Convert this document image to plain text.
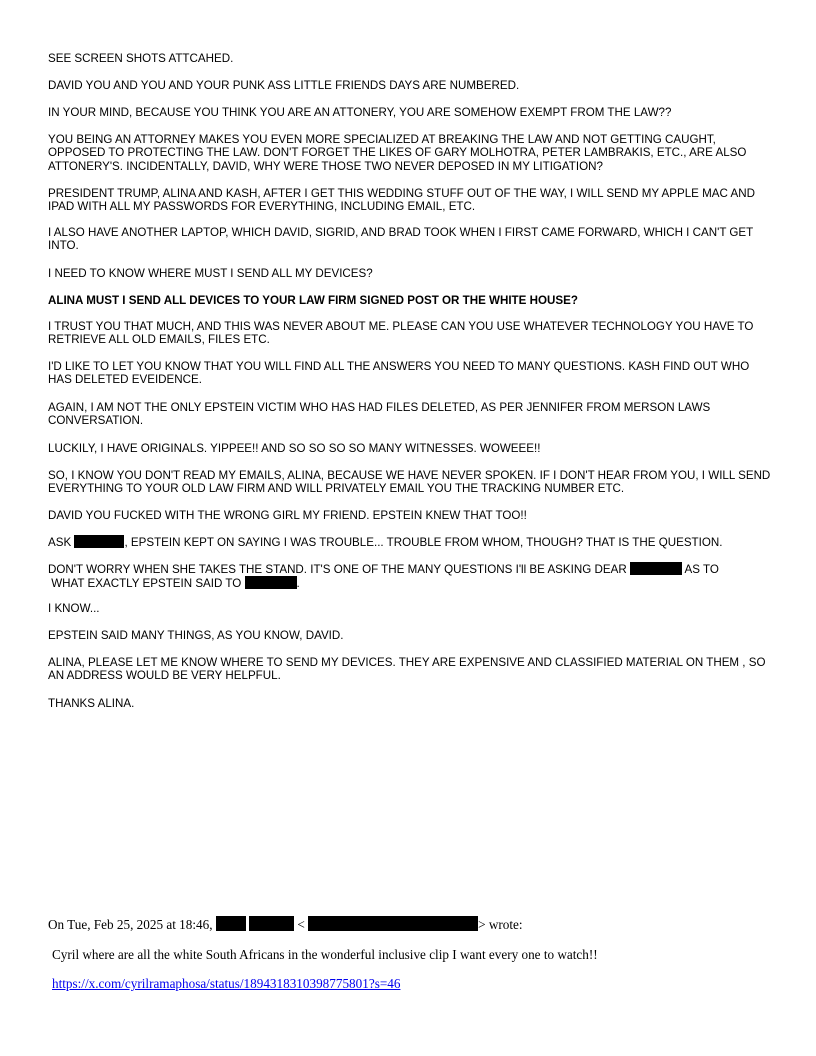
SEE SCREEN SHOTS ATTCAHED.

DAVID YOU AND YOU AND YOUR PUNK ASS LITTLE FRIENDS DAYS ARE NUMBERED.

IN YOUR MIND, BECAUSE YOU THINK YOU ARE AN ATTONERY, YOU ARE SOMEHOW EXEMPT FROM THE LAW??

YOU BEING AN ATTORNEY MAKES YOU EVEN MORE SPECIALIZED AT BREAKING THE LAW AND NOT GETTING CAUGHT, OPPOSED TO PROTECTING THE LAW. DON'T FORGET THE LIKES OF GARY MOLHOTRA, PETER LAMBRAKIS, ETC., ARE ALSO ATTONERY'S. INCIDENTALLY, DAVID, WHY WERE THOSE TWO NEVER DEPOSED IN MY LITIGATION?

PRESIDENT TRUMP, ALINA AND KASH, AFTER I GET THIS WEDDING STUFF OUT OF THE WAY, I WILL SEND MY APPLE MAC AND IPAD WITH ALL MY PASSWORDS FOR EVERYTHING, INCLUDING EMAIL, ETC.

I ALSO HAVE ANOTHER LAPTOP, WHICH DAVID, SIGRID, AND BRAD TOOK WHEN I FIRST CAME FORWARD, WHICH I CAN'T GET INTO.

I NEED TO KNOW WHERE MUST I SEND ALL MY DEVICES?

ALINA MUST I SEND ALL DEVICES TO YOUR LAW FIRM SIGNED POST OR THE WHITE HOUSE?

I TRUST YOU THAT MUCH, AND THIS WAS NEVER ABOUT ME. PLEASE CAN YOU USE WHATEVER TECHNOLOGY YOU HAVE TO RETRIEVE ALL OLD EMAILS, FILES ETC.

I'D LIKE TO LET YOU KNOW THAT YOU WILL FIND ALL THE ANSWERS YOU NEED TO MANY QUESTIONS. KASH FIND OUT WHO HAS DELETED EVEIDENCE.

AGAIN, I AM NOT THE ONLY EPSTEIN VICTIM WHO HAS HAD FILES DELETED, AS PER JENNIFER FROM MERSON LAWS CONVERSATION.

LUCKILY, I HAVE ORIGINALS. YIPPEE!! AND SO SO SO SO MANY WITNESSES. WOWEEE!!

SO, I KNOW YOU DON'T READ MY EMAILS, ALINA, BECAUSE WE HAVE NEVER SPOKEN. IF I DON'T HEAR FROM YOU, I WILL SEND EVERYTHING TO YOUR OLD LAW FIRM AND WILL PRIVATELY EMAIL YOU THE TRACKING NUMBER ETC.

DAVID YOU FUCKED WITH THE WRONG GIRL MY FRIEND. EPSTEIN KNEW THAT TOO!!

ASK	, EPSTEIN KEPT ON SAYING I WAS TROUBLE... TROUBLE FROM WHOM, THOUGH? THAT IS THE QUESTION.

DON'T WORRY WHEN SHE TAKES THE STAND. IT'S ONE OF THE MANY QUESTIONS I'll BE ASKING DEAR	AS TO
WHAT EXACTLY EPSTEIN SAID TO	.

I KNOW...

EPSTEIN SAID MANY THINGS, AS YOU KNOW, DAVID.

ALINA, PLEASE LET ME KNOW WHERE TO SEND MY DEVICES. THEY ARE EXPENSIVE AND CLASSIFIED MATERIAL ON THEM , SO AN ADDRESS WOULD BE VERY HELPFUL.

THANKS ALINA.

On Tue, Feb 25, 2025 at 18:46,	<	> wrote:
Cyril where are all the white South Africans in the wonderful inclusive clip I want every one to watch!!
https://x.com/cyrilramaphosa/status/1894318310398775801?s=46
